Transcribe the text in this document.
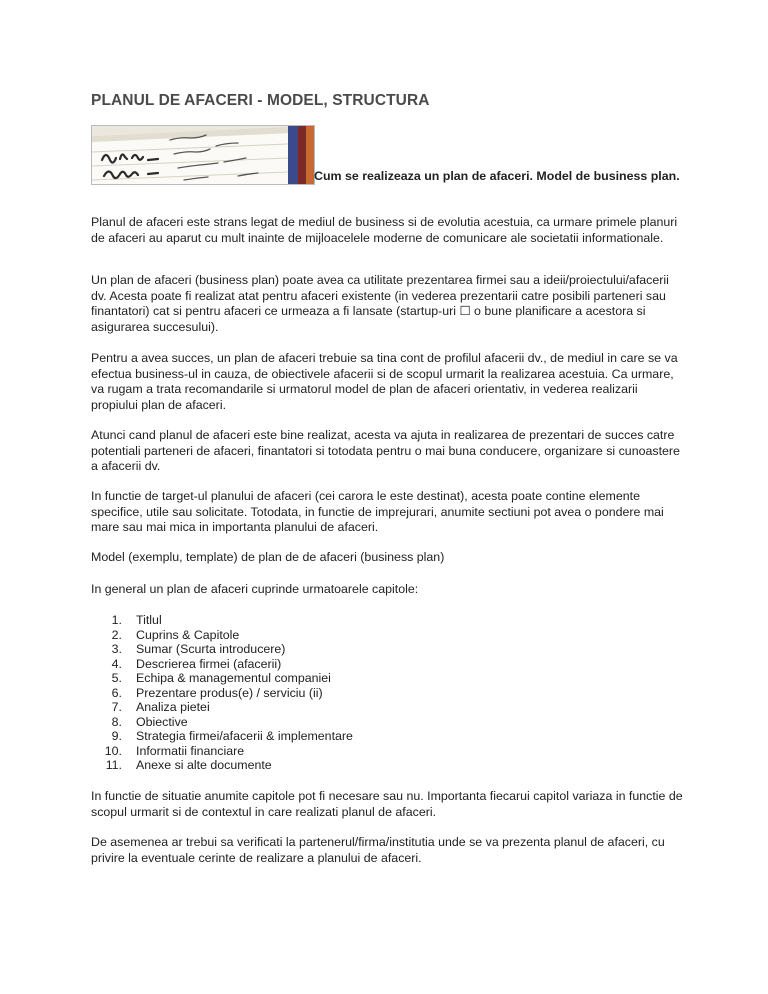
PLANUL DE AFACERI - MODEL, STRUCTURA

Cum se realizeaza un plan de afaceri. Model de business plan.

Planul de afaceri este strans legat de mediul de business si de evolutia acestuia, ca urmare primele planuri de afaceri au aparut cu mult inainte de mijloacelele moderne de comunicare ale societatii informationale.

Un plan de afaceri (business plan) poate avea ca utilitate prezentarea firmei sau a ideii/proiectului/afacerii dv. Acesta poate fi realizat atat pentru afaceri existente (in vederea prezentarii catre posibili parteneri sau finantatori) cat si pentru afaceri ce urmeaza a fi lansate (startup-uri ☐ o bune planificare a acestora si asigurarea succesului).

Pentru a avea succes, un plan de afaceri trebuie sa tina cont de profilul afacerii dv., de mediul in care se va efectua business-ul in cauza, de obiectivele afacerii si de scopul urmarit la realizarea acestuia. Ca urmare, va rugam a trata recomandarile si urmatorul model de plan de afaceri orientativ, in vederea realizarii propiului plan de afaceri.

Atunci cand planul de afaceri este bine realizat, acesta va ajuta in realizarea de prezentari de succes catre potentiali parteneri de afaceri, finantatori si totodata pentru o mai buna conducere, organizare si cunoastere a afacerii dv.

In functie de target-ul planului de afaceri (cei carora le este destinat), acesta poate contine elemente specifice, utile sau solicitate. Totodata, in functie de imprejurari, anumite sectiuni pot avea o pondere mai mare sau mai mica in importanta planului de afaceri.

Model (exemplu, template) de plan de de afaceri (business plan)

In general un plan de afaceri cuprinde urmatoarele capitole:

1. Titlul
2. Cuprins & Capitole
3. Sumar (Scurta introducere)
4. Descrierea firmei (afacerii)
5. Echipa & managementul companiei
6. Prezentare produs(e) / serviciu (ii)
7. Analiza pietei
8. Obiective
9. Strategia firmei/afacerii & implementare
10. Informatii financiare
11. Anexe si alte documente

In functie de situatie anumite capitole pot fi necesare sau nu. Importanta fiecarui capitol variaza in functie de scopul urmarit si de contextul in care realizati planul de afaceri.

De asemenea ar trebui sa verificati la partenerul/firma/institutia unde se va prezenta planul de afaceri, cu privire la eventuale cerinte de realizare a planului de afaceri.
